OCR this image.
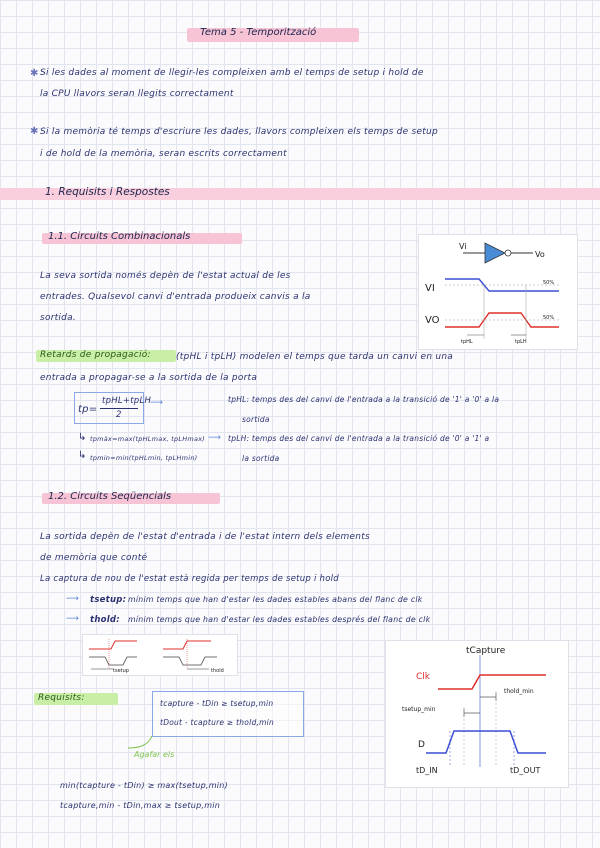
Tema 5 - Temporització
✱ Si les dades al moment de llegir-les compleixen amb el temps de setup i hold de
la CPU llavors seran llegits correctament
✱ Si la memòria té temps d'escriure les dades, llavors compleixen els temps de setup
i de hold de la memòria, seran escrits correctament
1. Requisits i Respostes
1.1. Circuits Combinacionals
La seva sortida només depèn de l'estat actual de les
entrades. Qualsevol canvi d'entrada produeix canvis a la
sortida.
Vi
Vo
VI	50%
VO	50%
tpHL	tpLH
Retards de propagació:	(tpHL i tpLH) modelen el temps que tarda un canvi en una
entrada a propagar-se a la sortida de la porta
tp=
tpHL+tpLH
2
↳ tpmàx=max(tpHLmax, tpLHmax)
↳ tpmin=min(tpHLmin, tpLHmin)
⟶	tpHL: temps des del canvi de l'entrada a la transició de '1' a '0' a la
sortida
⟶ tpLH: temps des del canvi de l'entrada a la transició de '0' a '1' a
la sortida
1.2. Circuits Seqüencials
La sortida depèn de l'estat d'entrada i de l'estat intern dels elements
de memòria que conté
La captura de nou de l'estat està regida per temps de setup i hold
⟶ tsetup: mínim temps que han d'estar les dades estables abans del flanc de clk
⟶ thold: mínim temps que han d'estar les dades estables després del flanc de clk
tsetup	thold
Requisits:
tcapture - tDin ≥ tsetup,min
tDout - tcapture ≥ thold,min
Agafar els
min(tcapture - tDin) ≥ max(tsetup,min)
tcapture,min - tDin,max ≥ tsetup,min
tCapture
Clk
thold_min
tsetup_min
D
tD_IN	tD_OUT
